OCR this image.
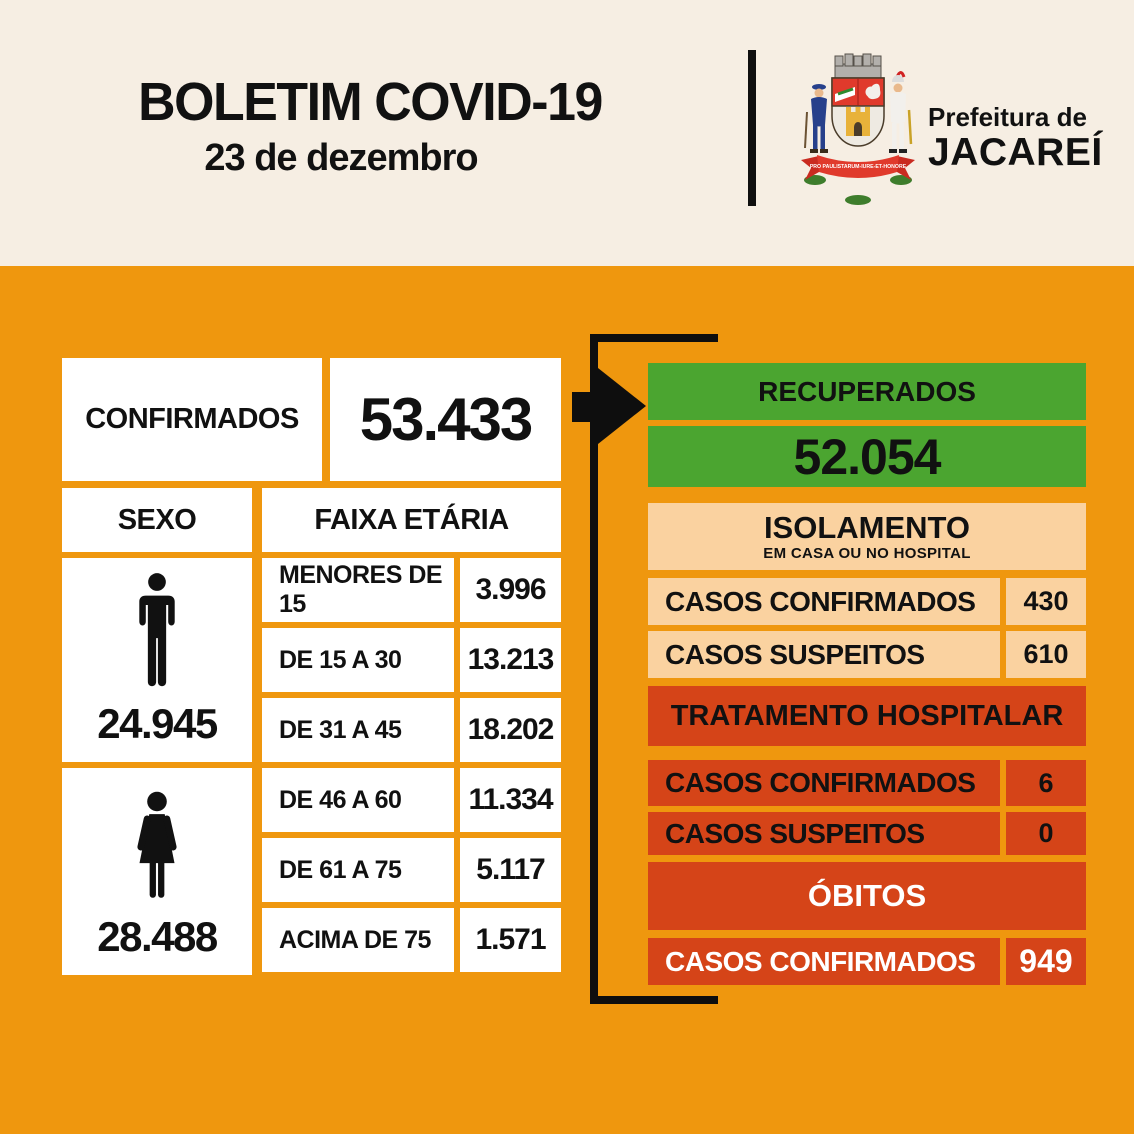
BOLETIM COVID-19
23 de dezembro	PRO PAULISTARUM-IURE-ET-HONORE
Prefeitura de
JACAREÍ
CONFIRMADOS	53.433
SEXO	FAIXA ETÁRIA
24.945
28.488
MENORES DE 15	3.996
DE 15 A 30	13.213
DE 31 A 45	18.202
DE 46 A 60	11.334
DE 61 A 75	5.117
ACIMA DE 75	1.571
RECUPERADOS
52.054
ISOLAMENTO
EM CASA OU NO HOSPITAL
CASOS CONFIRMADOS	430
CASOS SUSPEITOS	610
TRATAMENTO HOSPITALAR
CASOS CONFIRMADOS	6
CASOS SUSPEITOS	0
ÓBITOS
CASOS CONFIRMADOS	949
